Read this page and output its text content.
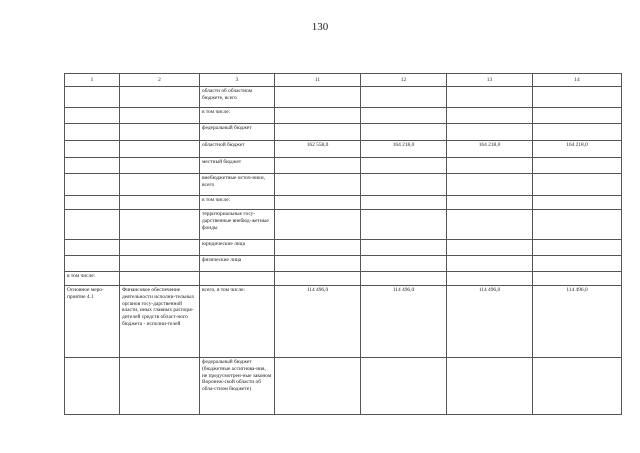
130
1	2	3	11	12	13	14
		области об областном бюджете, всего				
		в том числе:				
		федеральный бюджет				
		областной бюджет	162 558,0	164 218,0	164 218,0	164 218,0
		местный бюджет				
		внебюджетные источ-ники, всего				
		в том числе:				
		территориальные госу-дарственные внебюд-жетные фонды				
		юридические лица				
		физические лица				
в том числе:						
Основное меро-приятие 4.1	Финансовое обеспечение деятельности исполни-тельных органов госу-дарственной власти, иных главных распоря-дителей средств област-ного бюджета - исполни-телей	всего, в том числе:	114 496,0	114 496,0	114 496,0	114 496,0
		федеральный бюджет (бюджетные ассигнова-ния, не предусмотрен-ные законом Воронеж-ской области об обла-стном бюджете)				
